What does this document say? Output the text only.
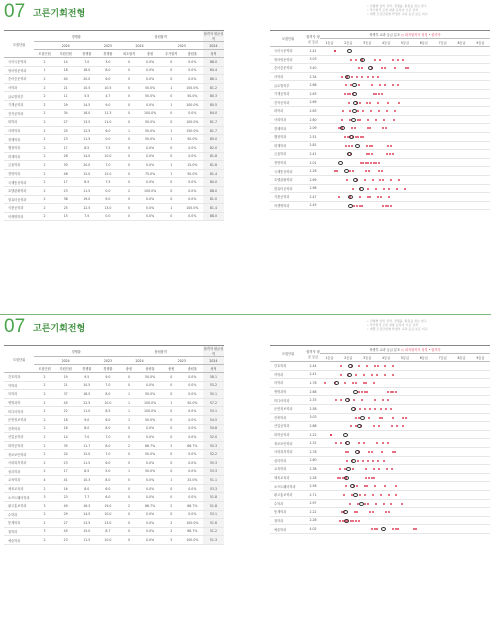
07 고른기회전형
• 전형별 입학 성적, 경쟁률, 충원율 정보 참고
• 추가합격 포함 최종 등록자 기준 성적
• 계열·모집단위별 학생부 교과 등급 분포 비교
모집단위	경쟁률				충원합격				합격자 평균성적
	2024			2023	2024		2023		2024
	모집인원	지원인원	경쟁률	경쟁률	최초합격	충원	추가합격	충원율	성적
국어국문학과	2	14	7.0	3.0	0	0.0%	0	0.0%	88.0
영어영문학과	1	18	18.0	8.0	0	0.0%	0	0.0%	84.4
중어중문학과	2	40	20.0	6.0	0	0.0%	0	0.0%	86.1
사학과	2	21	10.5	10.5	0	50.0%	1	100.0%	81.2
글로벌학부	2	11	5.5	4.7	0	50.0%	0	50.0%	80.3
기계공학과	2	29	14.5	9.0	0	0.0%	1	100.0%	80.5
전자공학과	2	34	16.0	11.3	0	100.0%	0	0.0%	84.0
화학과	2	27	13.5	11.0	0	50.0%	0	100.0%	81.7
사회학과	2	25	12.5	6.0	1	50.0%	1	150.0%	81.7
경제학과	2	23	11.5	0.0	0	50.0%	1	50.0%	80.0
행정학과	2	17	8.5	7.5	0	0.0%	0	0.0%	82.0
회계학과	2	28	14.0	10.0	0	0.0%	0	0.0%	81.8
금융학과	2	30	20.0	7.0	0	0.0%	1	15.0%	81.8
경영학과	2	48	12.0	12.0	0	75.0%	1	50.0%	81.4
국제통상학과	2	17	8.5	7.5	0	0.0%	0	0.0%	80.0
호텔관광학과	2	23	11.5	0.0	2	100.0%	0	0.0%	88.0
컴퓨터공학과	2	38	19.0	9.0	0	0.0%	0	0.0%	81.0
식품공학과	2	25	12.5	13.0	0	0.0%	1	100.0%	81.4
의생명학과	2	15	7.5	0.0	0	0.0%	0	0.0%	88.0
모집단위	합격자 평균 등급	학생부 교과 등급 분포 ○ 최저합격자 성적 • 합격자								
		1등급	2등급	3등급	4등급	5등급	6등급	7등급	8등급	9등급
국어국문학과	2.41									

영어영문학과	3.03									

중어중문학과	3.40									

사학과	2.34									

글로벌학부	2.66									

기계공학과	2.63									

전자공학과	2.69									

화학과	2.63									

사회학과	2.60									

경제학과	2.09									

행정학과	2.51									

회계학과	2.81									

금융학과	2.41									

경영학과	2.01									

국제통상학과	2.26									

호텔관광학과	2.69									

컴퓨터공학과	2.98									

식품공학과	2.47									

의생명학과	2.45									
07 고른기회전형
• 전형별 입학 성적, 경쟁률, 충원율 정보 참고
• 추가합격 포함 최종 등록자 기준 성적
• 계열·모집단위별 학생부 교과 등급 분포 비교
모집단위	경쟁률				충원합격				합격자 평균성적
	2024			2023	2024		2023		2024
	모집인원	지원인원	경쟁률	경쟁률	충원	충원율	충원	충원율	성적
간호학과	2	19	9.5	9.0	0	50.0%	0	0.0%	58.1
약학과	2	21	10.5	7.0	0	0.0%	0	0.0%	53.2
의학과	2	37	18.5	8.0	1	50.0%	0	0.0%	55.1
생명과학	2	45	22.5	10.0	1	100.0%	1	50.0%	57.2
미디어학과	2	22	11.0	8.5	1	100.0%	0	0.0%	53.1
문헌정보학과	2	18	9.0	6.0	1	50.0%	0	0.0%	54.5
건축학과	2	16	8.0	8.0	0	0.0%	0	0.0%	54.6
산업공학과	2	14	7.0	7.0	0	0.0%	0	0.0%	52.0
화학공학과	2	35	11.7	8.0	2	66.7%	2	66.7%	55.3
정보보안학과	2	24	12.0	7.0	0	50.0%	0	0.0%	52.2
사회복지학과	2	23	11.5	6.0	0	0.0%	0	0.0%	55.3
심리학과	2	17	8.5	5.0	1	50.0%	0	0.0%	53.3
교육학과	4	41	10.3	8.0	0	0.0%	1	25.0%	51.1
체육교육과	2	16	8.0	6.0	0	0.0%	0	0.0%	53.3
소프트웨어학과	3	23	7.7	6.0	0	0.0%	0	0.0%	51.8
광고홍보학과	3	49	16.3	19.0	2	66.7%	2	66.7%	51.8
수학과	2	29	14.5	10.0	0	0.0%	0	0.0%	53.1
통계학과	2	27	13.5	13.0	0	0.0%	2	100.0%	51.6
철학과	3	45	15.0	8.7	0	0.0%	2	66.7%	51.2
예술학과	2	23	11.5	10.0	0	0.0%	3	100.0%	51.3
모집단위	합격자 평균 등급	학생부 교과 등급 분포 ○ 최저합격자 성적 • 합격자								
		1등급	2등급	3등급	4등급	5등급	6등급	7등급	8등급	9등급
간호학과	2.44									

약학과	2.41									

의학과	1.78									

생명과학	2.68									

미디어학과	2.33									

문헌정보학과	2.58									

건축학과	3.03									

산업공학과	2.88									

화학공학과	2.22									

정보보안학과	2.31									

사회복지학과	2.78									

심리학과	2.60									

교육학과	2.38									

체육교육과	2.28									

소프트웨어학과	2.56									

광고홍보학과	2.71									

수학과	2.97									

통계학과	2.22									

철학과	2.28									

예술학과	4.02									
